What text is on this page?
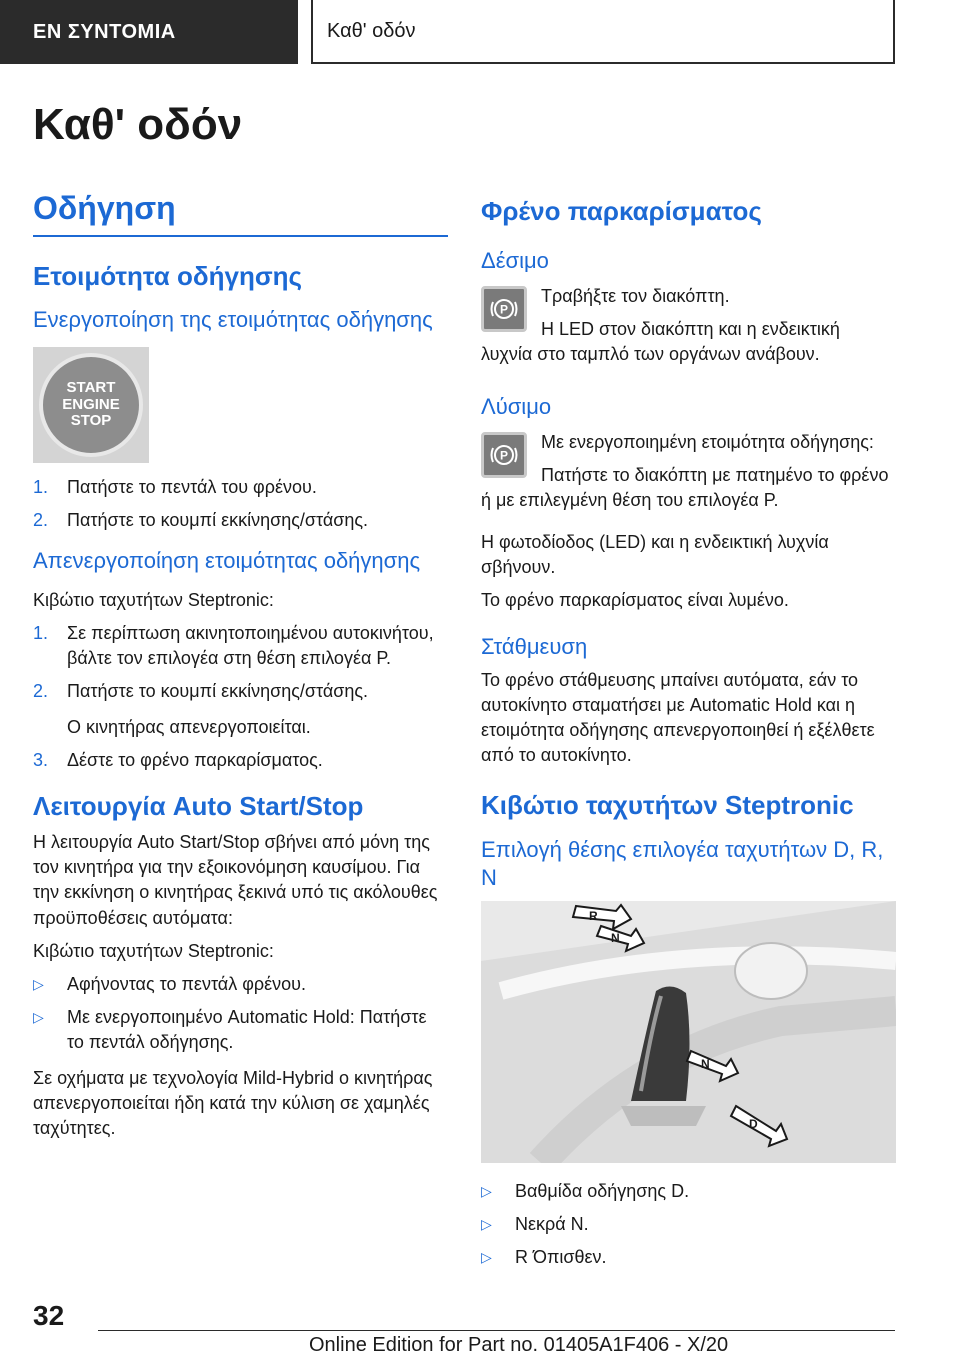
EN ΣΥΝΤΟΜΙΑ	Καθ' οδόν
Καθ' οδόν
Οδήγηση
Ετοιμότητα οδήγησης
Ενεργοποίηση της ετοιμότητας οδήγησης
START ENGINE STOP
1.	Πατήστε το πεντάλ του φρένου.
2.	Πατήστε το κουμπί εκκίνησης/στάσης.
Απενεργοποίηση ετοιμότητας οδήγησης

Κιβώτιο ταχυτήτων Steptronic:

1.	Σε περίπτωση ακινητοποιημένου αυτοκινήτου, βάλτε τον επιλογέα στη θέση επιλογέα P.
2.	Πατήστε το κουμπί εκκίνησης/στάσης.

Ο κινητήρας απενεργοποιείται.

3.	Δέστε το φρένο παρκαρίσματος.
Λειτουργία Auto Start/Stop

Η λειτουργία Auto Start/Stop σβήνει από μόνη της τον κινητήρα για την εξοικονόμηση καυσίμου. Για την εκκίνηση ο κινητήρας ξεκινά υπό τις ακόλουθες προϋποθέσεις αυτόματα:

Κιβώτιο ταχυτήτων Steptronic:

▷	Αφήνοντας το πεντάλ φρένου.
▷	Με ενεργοποιημένο Automatic Hold: Πατήστε το πεντάλ οδήγησης.

Σε οχήματα με τεχνολογία Mild-Hybrid ο κινητήρας απενεργοποιείται ήδη κατά την κύλιση σε χαμηλές ταχύτητες.

Φρένο παρκαρίσματος
Δέσιμο
P

Τραβήξτε τον διακόπτη.

Η LED στον διακόπτη και η ενδεικτική λυχνία στο ταμπλό των οργάνων ανάβουν.

Λύσιμο
P

Με ενεργοποιημένη ετοιμότητα οδήγησης:

Πατήστε το διακόπτη με πατημένο το φρένο ή με επιλεγμένη θέση του επιλογέα P.

Η φωτοδίοδος (LED) και η ενδεικτική λυχνία σβήνουν.

Το φρένο παρκαρίσματος είναι λυμένο.

Στάθμευση

Το φρένο στάθμευσης μπαίνει αυτόματα, εάν το αυτοκίνητο σταματήσει με Automatic Hold και η ετοιμότητα οδήγησης απενεργοποιηθεί ή εξέλθετε από το αυτοκίνητο.

Κιβώτιο ταχυτήτων Steptronic
Επιλογή θέσης επιλογέα ταχυτήτων D, R, N
R
N
N
D
▷	Βαθμίδα οδήγησης D.
▷	Νεκρά N.
▷	R Όπισθεν.
32
Online Edition for Part no. 01405A1F406 - X/20
